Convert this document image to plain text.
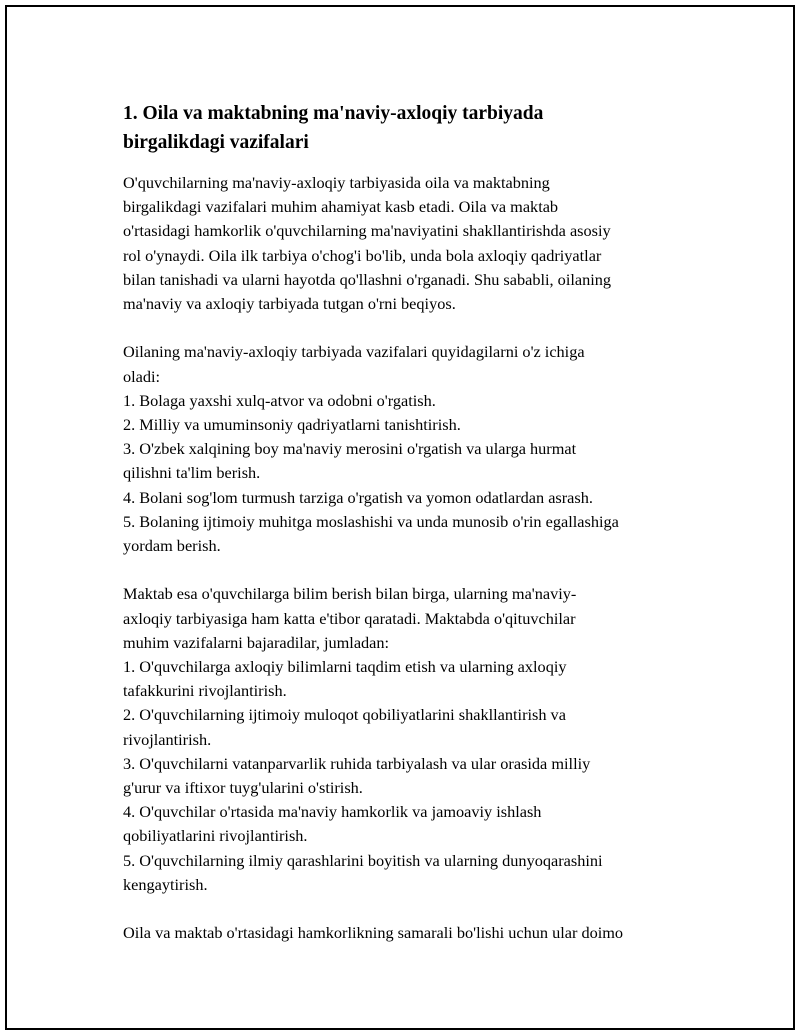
1. Oila va maktabning ma'naviy-axloqiy tarbiyada
birgalikdagi vazifalari
O'quvchilarning ma'naviy-axloqiy tarbiyasida oila va maktabning
birgalikdagi vazifalari muhim ahamiyat kasb etadi. Oila va maktab
o'rtasidagi hamkorlik o'quvchilarning ma'naviyatini shakllantirishda asosiy
rol o'ynaydi. Oila ilk tarbiya o'chog'i bo'lib, unda bola axloqiy qadriyatlar
bilan tanishadi va ularni hayotda qo'llashni o'rganadi. Shu sababli, oilaning
ma'naviy va axloqiy tarbiyada tutgan o'rni beqiyos.
Oilaning ma'naviy-axloqiy tarbiyada vazifalari quyidagilarni o'z ichiga
oladi:
1. Bolaga yaxshi xulq-atvor va odobni o'rgatish.
2. Milliy va umuminsoniy qadriyatlarni tanishtirish.
3. O'zbek xalqining boy ma'naviy merosini o'rgatish va ularga hurmat
qilishni ta'lim berish.
4. Bolani sog'lom turmush tarziga o'rgatish va yomon odatlardan asrash.
5. Bolaning ijtimoiy muhitga moslashishi va unda munosib o'rin egallashiga
yordam berish.
Maktab esa o'quvchilarga bilim berish bilan birga, ularning ma'naviy-
axloqiy tarbiyasiga ham katta e'tibor qaratadi. Maktabda o'qituvchilar
muhim vazifalarni bajaradilar, jumladan:
1. O'quvchilarga axloqiy bilimlarni taqdim etish va ularning axloqiy
tafakkurini rivojlantirish.
2. O'quvchilarning ijtimoiy muloqot qobiliyatlarini shakllantirish va
rivojlantirish.
3. O'quvchilarni vatanparvarlik ruhida tarbiyalash va ular orasida milliy
g'urur va iftixor tuyg'ularini o'stirish.
4. O'quvchilar o'rtasida ma'naviy hamkorlik va jamoaviy ishlash
qobiliyatlarini rivojlantirish.
5. O'quvchilarning ilmiy qarashlarini boyitish va ularning dunyoqarashini
kengaytirish.
Oila va maktab o'rtasidagi hamkorlikning samarali bo'lishi uchun ular doimo
